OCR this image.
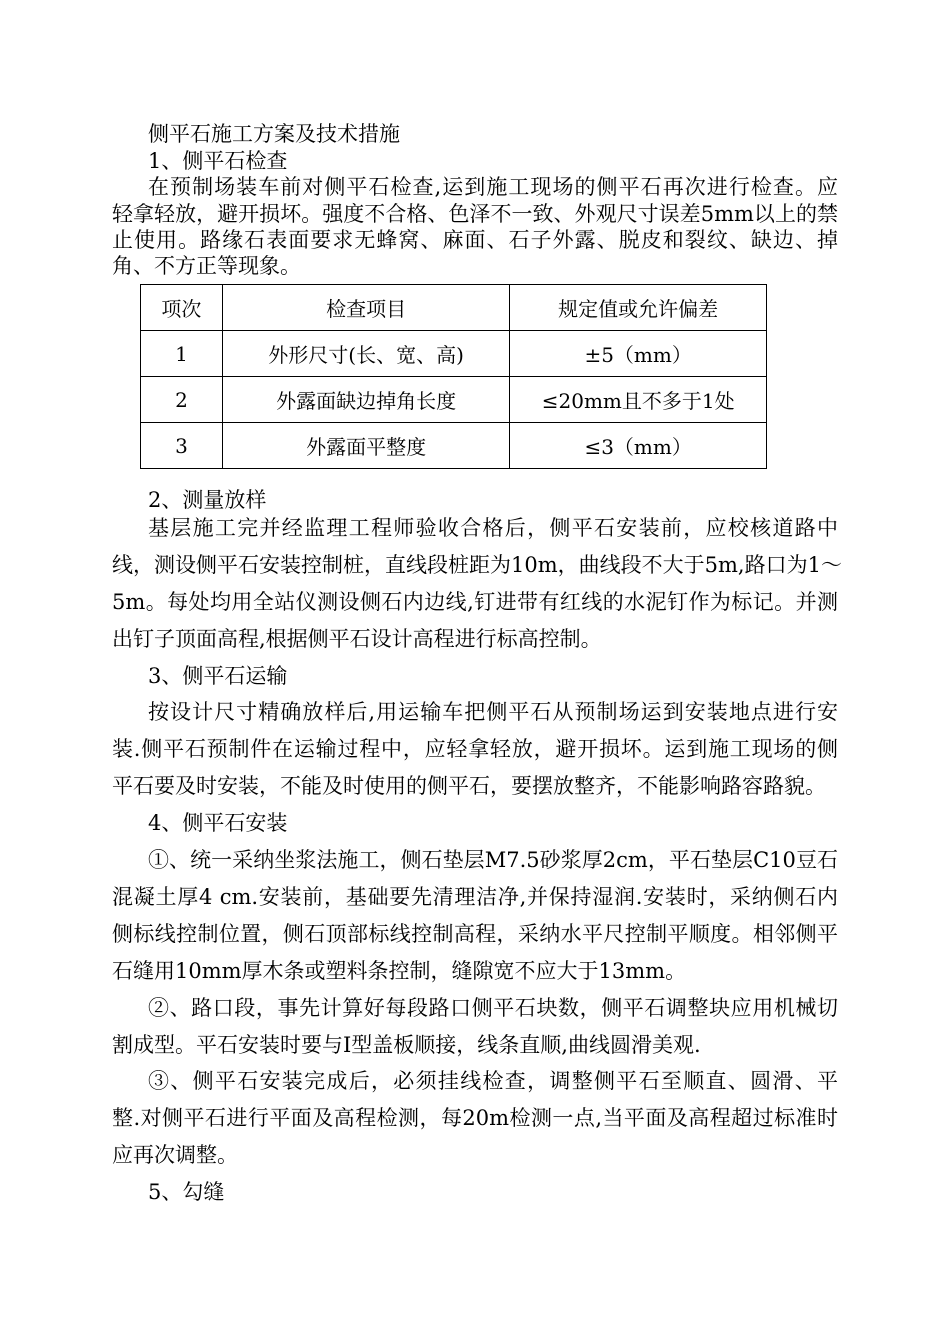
侧平石施工方案及技术措施
1、侧平石检查
在预制场装车前对侧平石检查,运到施工现场的侧平石再次进行检查。应
轻拿轻放，避开损坏。强度不合格、色泽不一致、外观尺寸误差5mm以上的禁
止使用。路缘石表面要求无蜂窝、麻面、石子外露、脱皮和裂纹、缺边、掉
角、不方正等现象。
项次	检查项目	规定值或允许偏差
1	外形尺寸(长、宽、高)	±5（mm）
2	外露面缺边掉角长度	≤20mm且不多于1处
3	外露面平整度	≤3（mm）
2、测量放样
基层施工完并经监理工程师验收合格后，侧平石安装前，应校核道路中
线，测设侧平石安装控制桩，直线段桩距为10m，曲线段不大于5m,路口为1～
5m。每处均用全站仪测设侧石内边线,钉进带有红线的水泥钉作为标记。并测
出钉子顶面高程,根据侧平石设计高程进行标高控制。
3、侧平石运输
按设计尺寸精确放样后,用运输车把侧平石从预制场运到安装地点进行安
装.侧平石预制件在运输过程中，应轻拿轻放，避开损坏。运到施工现场的侧
平石要及时安装，不能及时使用的侧平石，要摆放整齐，不能影响路容路貌。
4、侧平石安装
①、统一采纳坐浆法施工，侧石垫层M7.5砂浆厚2cm，平石垫层C10豆石
混凝土厚4 cm.安装前，基础要先清理洁净,并保持湿润.安装时，采纳侧石内
侧标线控制位置，侧石顶部标线控制高程，采纳水平尺控制平顺度。相邻侧平
石缝用10mm厚木条或塑料条控制，缝隙宽不应大于13mm。
②、路口段，事先计算好每段路口侧平石块数，侧平石调整块应用机械切
割成型。平石安装时要与Ⅰ型盖板顺接，线条直顺,曲线圆滑美观.
③、侧平石安装完成后，必须挂线检查，调整侧平石至顺直、圆滑、平
整.对侧平石进行平面及高程检测，每20m检测一点,当平面及高程超过标准时
应再次调整。
5、勾缝
